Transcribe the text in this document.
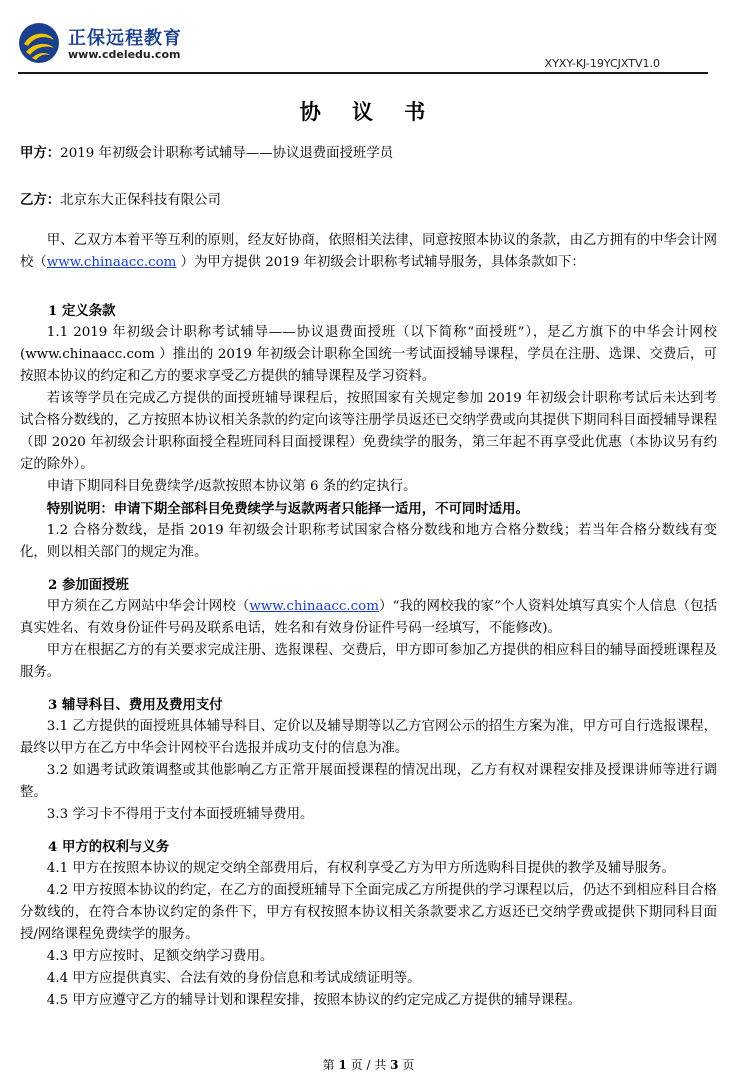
正保远程教育
www.cdeledu.com
XYXY-KJ-19YCJXTV1.0
协 议 书

甲方：2019 年初级会计职称考试辅导——协议退费面授班学员

乙方：北京东大正保科技有限公司

甲、乙双方本着平等互利的原则，经友好协商，依照相关法律，同意按照本协议的条款，由乙方拥有的中华会计网校（www.chinaacc.com ）为甲方提供 2019 年初级会计职称考试辅导服务，具体条款如下：

1 定义条款

1.1 2019 年初级会计职称考试辅导——协议退费面授班（以下简称“面授班”），是乙方旗下的中华会计网校(www.chinaacc.com ）推出的 2019 年初级会计职称全国统一考试面授辅导课程，学员在注册、选课、交费后，可按照本协议的约定和乙方的要求享受乙方提供的辅导课程及学习资料。

若该等学员在完成乙方提供的面授班辅导课程后，按照国家有关规定参加 2019 年初级会计职称考试后未达到考试合格分数线的，乙方按照本协议相关条款的约定向该等注册学员返还已交纳学费或向其提供下期同科目面授辅导课程（即 2020 年初级会计职称面授全程班同科目面授课程）免费续学的服务，第三年起不再享受此优惠（本协议另有约定的除外）。

申请下期同科目免费续学/返款按照本协议第 6 条的约定执行。

特别说明：申请下期全部科目免费续学与返款两者只能择一适用，不可同时适用。

1.2 合格分数线，是指 2019 年初级会计职称考试国家合格分数线和地方合格分数线；若当年合格分数线有变化，则以相关部门的规定为准。

2 参加面授班

甲方须在乙方网站中华会计网校（www.chinaacc.com）“我的网校我的家”个人资料处填写真实个人信息（包括真实姓名、有效身份证件号码及联系电话，姓名和有效身份证件号码一经填写，不能修改)。

甲方在根据乙方的有关要求完成注册、选报课程、交费后，甲方即可参加乙方提供的相应科目的辅导面授班课程及服务。

3 辅导科目、费用及费用支付

3.1 乙方提供的面授班具体辅导科目、定价以及辅导期等以乙方官网公示的招生方案为准，甲方可自行选报课程，最终以甲方在乙方中华会计网校平台选报并成功支付的信息为准。

3.2 如遇考试政策调整或其他影响乙方正常开展面授课程的情况出现，乙方有权对课程安排及授课讲师等进行调整。

3.3 学习卡不得用于支付本面授班辅导费用。

4 甲方的权利与义务

4.1 甲方在按照本协议的规定交纳全部费用后，有权利享受乙方为甲方所选购科目提供的教学及辅导服务。

4.2 甲方按照本协议的约定，在乙方的面授班辅导下全面完成乙方所提供的学习课程以后，仍达不到相应科目合格分数线的，在符合本协议约定的条件下，甲方有权按照本协议相关条款要求乙方返还已交纳学费或提供下期同科目面授/网络课程免费续学的服务。

4.3 甲方应按时、足额交纳学习费用。

4.4 甲方应提供真实、合法有效的身份信息和考试成绩证明等。

4.5 甲方应遵守乙方的辅导计划和课程安排，按照本协议的约定完成乙方提供的辅导课程。

第 1 页 / 共 3 页
